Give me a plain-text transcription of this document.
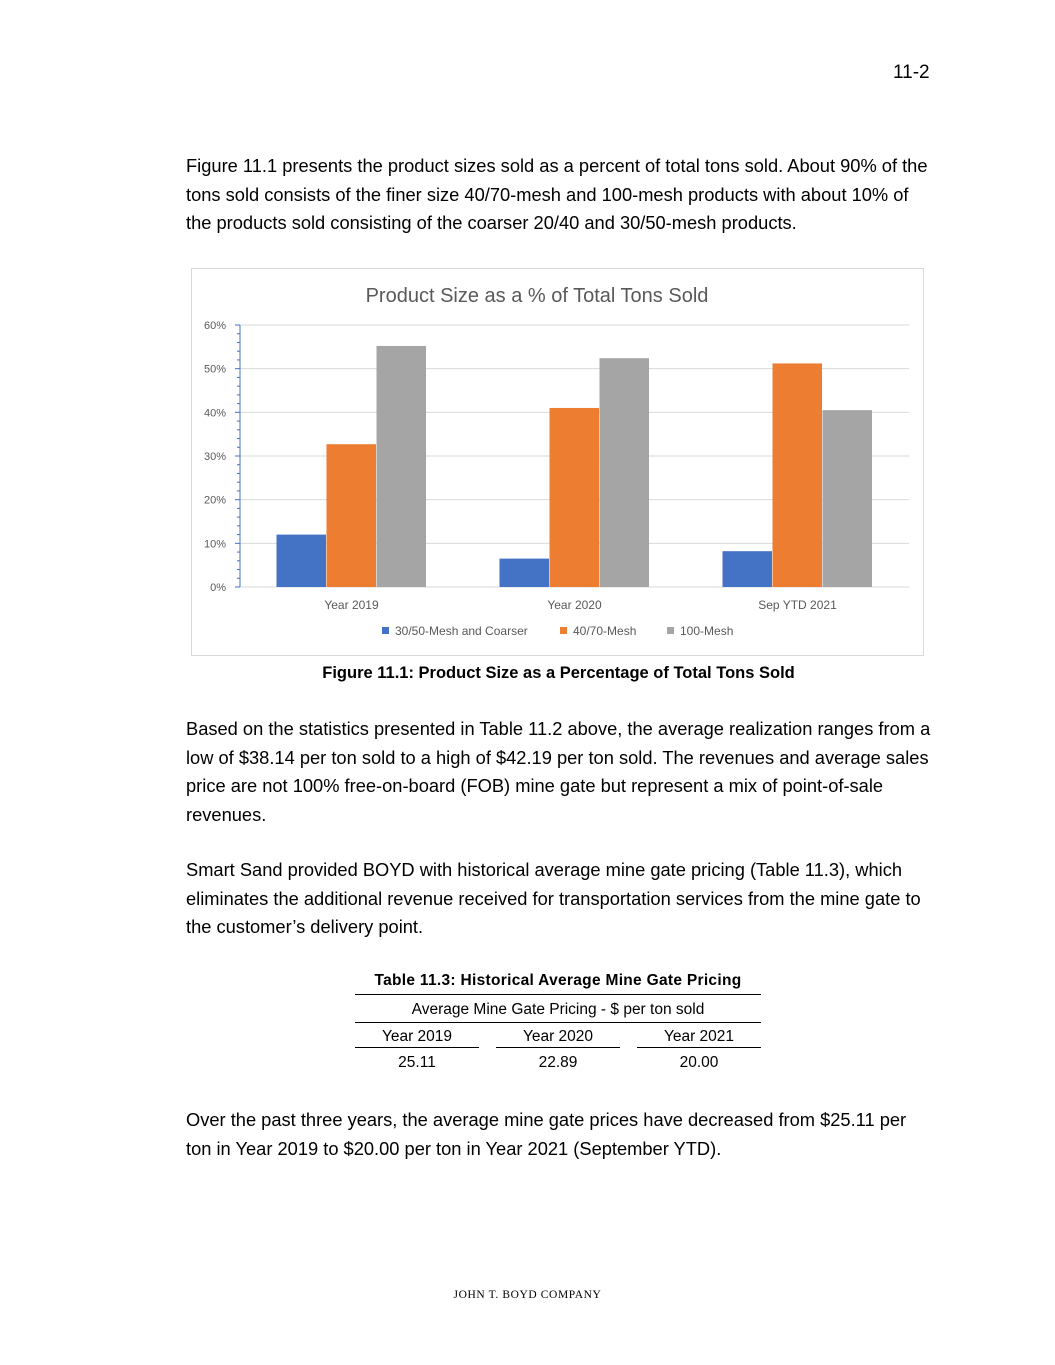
11-2

Figure 11.1 presents the product sizes sold as a percent of total tons sold. About 90% of the tons sold consists of the finer size 40/70-mesh and 100-mesh products with about 10% of the products sold consisting of the coarser 20/40 and 30/50-mesh products.

Product Size as a % of Total Tons Sold
0%
10%
20%
30%
40%
50%
60%
Year 2019	Year 2020	Sep YTD 2021
30/50-Mesh and Coarser	40/70-Mesh	100-Mesh
Figure 11.1: Product Size as a Percentage of Total Tons Sold

Based on the statistics presented in Table 11.2 above, the average realization ranges from a low of $38.14 per ton sold to a high of $42.19 per ton sold. The revenues and average sales price are not 100% free-on-board (FOB) mine gate but represent a mix of point-of-sale revenues.

Smart Sand provided BOYD with historical average mine gate pricing (Table 11.3), which eliminates the additional revenue received for transportation services from the mine gate to the customer’s delivery point.

Table 11.3: Historical Average Mine Gate Pricing
Average Mine Gate Pricing - $ per ton sold
Year 2019	Year 2020	Year 2021
25.11	22.89	20.00

Over the past three years, the average mine gate prices have decreased from $25.11 per ton in Year 2019 to $20.00 per ton in Year 2021 (September YTD).

JOHN T. BOYD COMPANY
